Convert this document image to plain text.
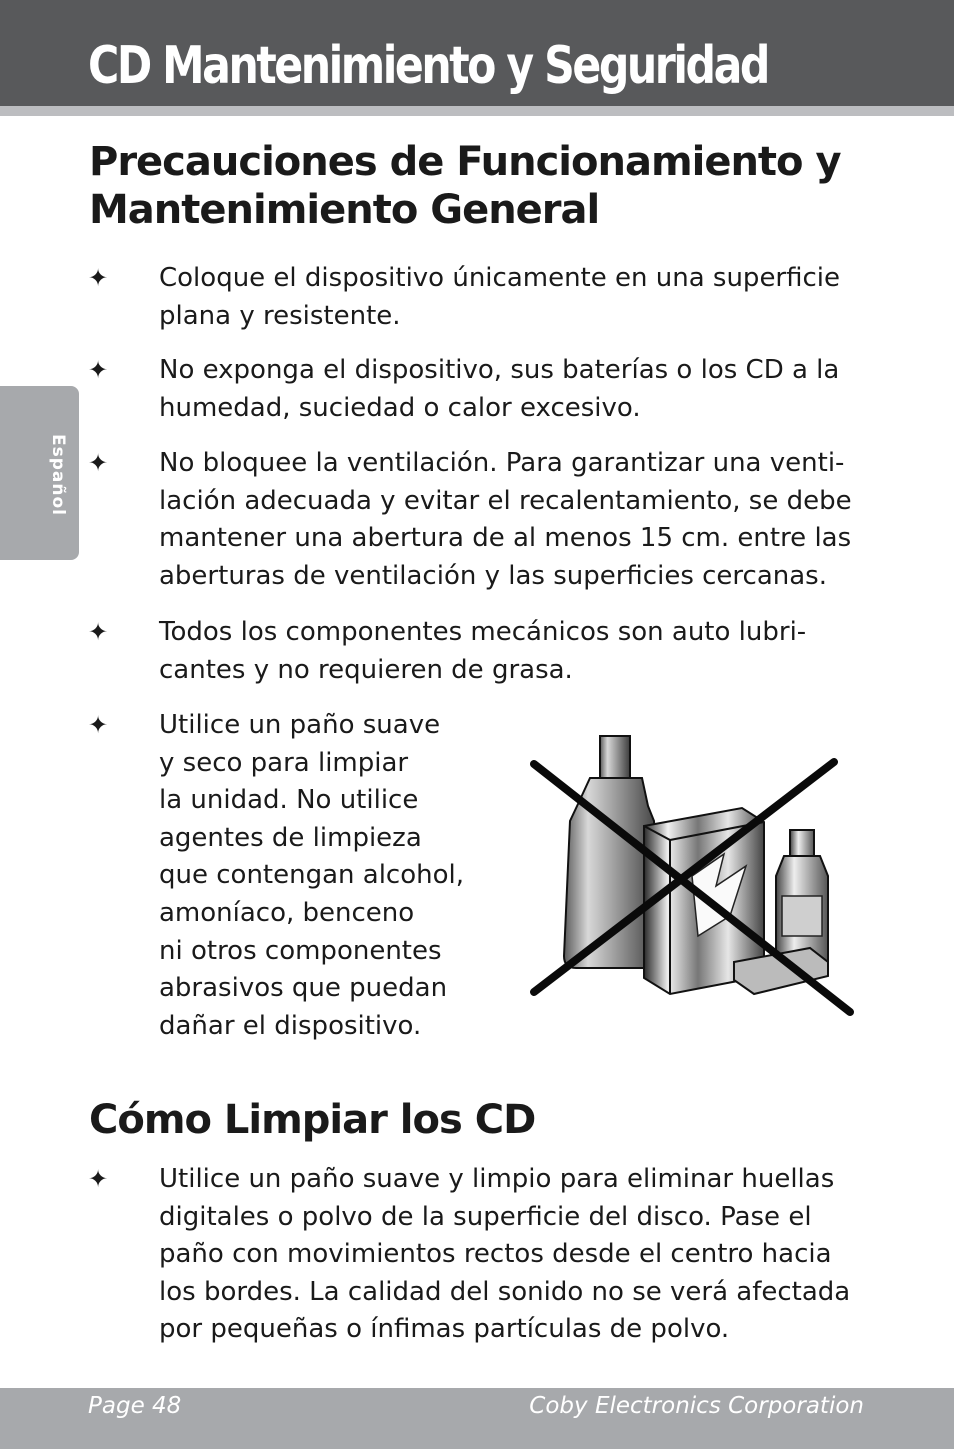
CD Mantenimiento y Seguridad
Español
Precauciones de Funcionamiento y
Mantenimiento General
✦ Coloque el dispositivo únicamente en una superficie
plana y resistente.

✦ No exponga el dispositivo, sus baterías o los CD a la
humedad, suciedad o calor excesivo.

✦ No bloquee la ventilación. Para garantizar una venti-
lación adecuada y evitar el recalentamiento, se debe
mantener una abertura de al menos 15 cm. entre las
aberturas de ventilación y las superficies cercanas.

✦ Todos los componentes mecánicos son auto lubri-
cantes y no requieren de grasa.

✦ Utilice un paño suave
y seco para limpiar
la unidad. No utilice
agentes de limpieza
que contengan alcohol,
amoníaco, benceno
ni otros componentes
abrasivos que puedan
dañar el dispositivo.

Cómo Limpiar los CD
✦ Utilice un paño suave y limpio para eliminar huellas
digitales o polvo de la superficie del disco. Pase el
paño con movimientos rectos desde el centro hacia
los bordes. La calidad del sonido no se verá afectada
por pequeñas o ínfimas partículas de polvo.

Page 48	Coby Electronics Corporation
